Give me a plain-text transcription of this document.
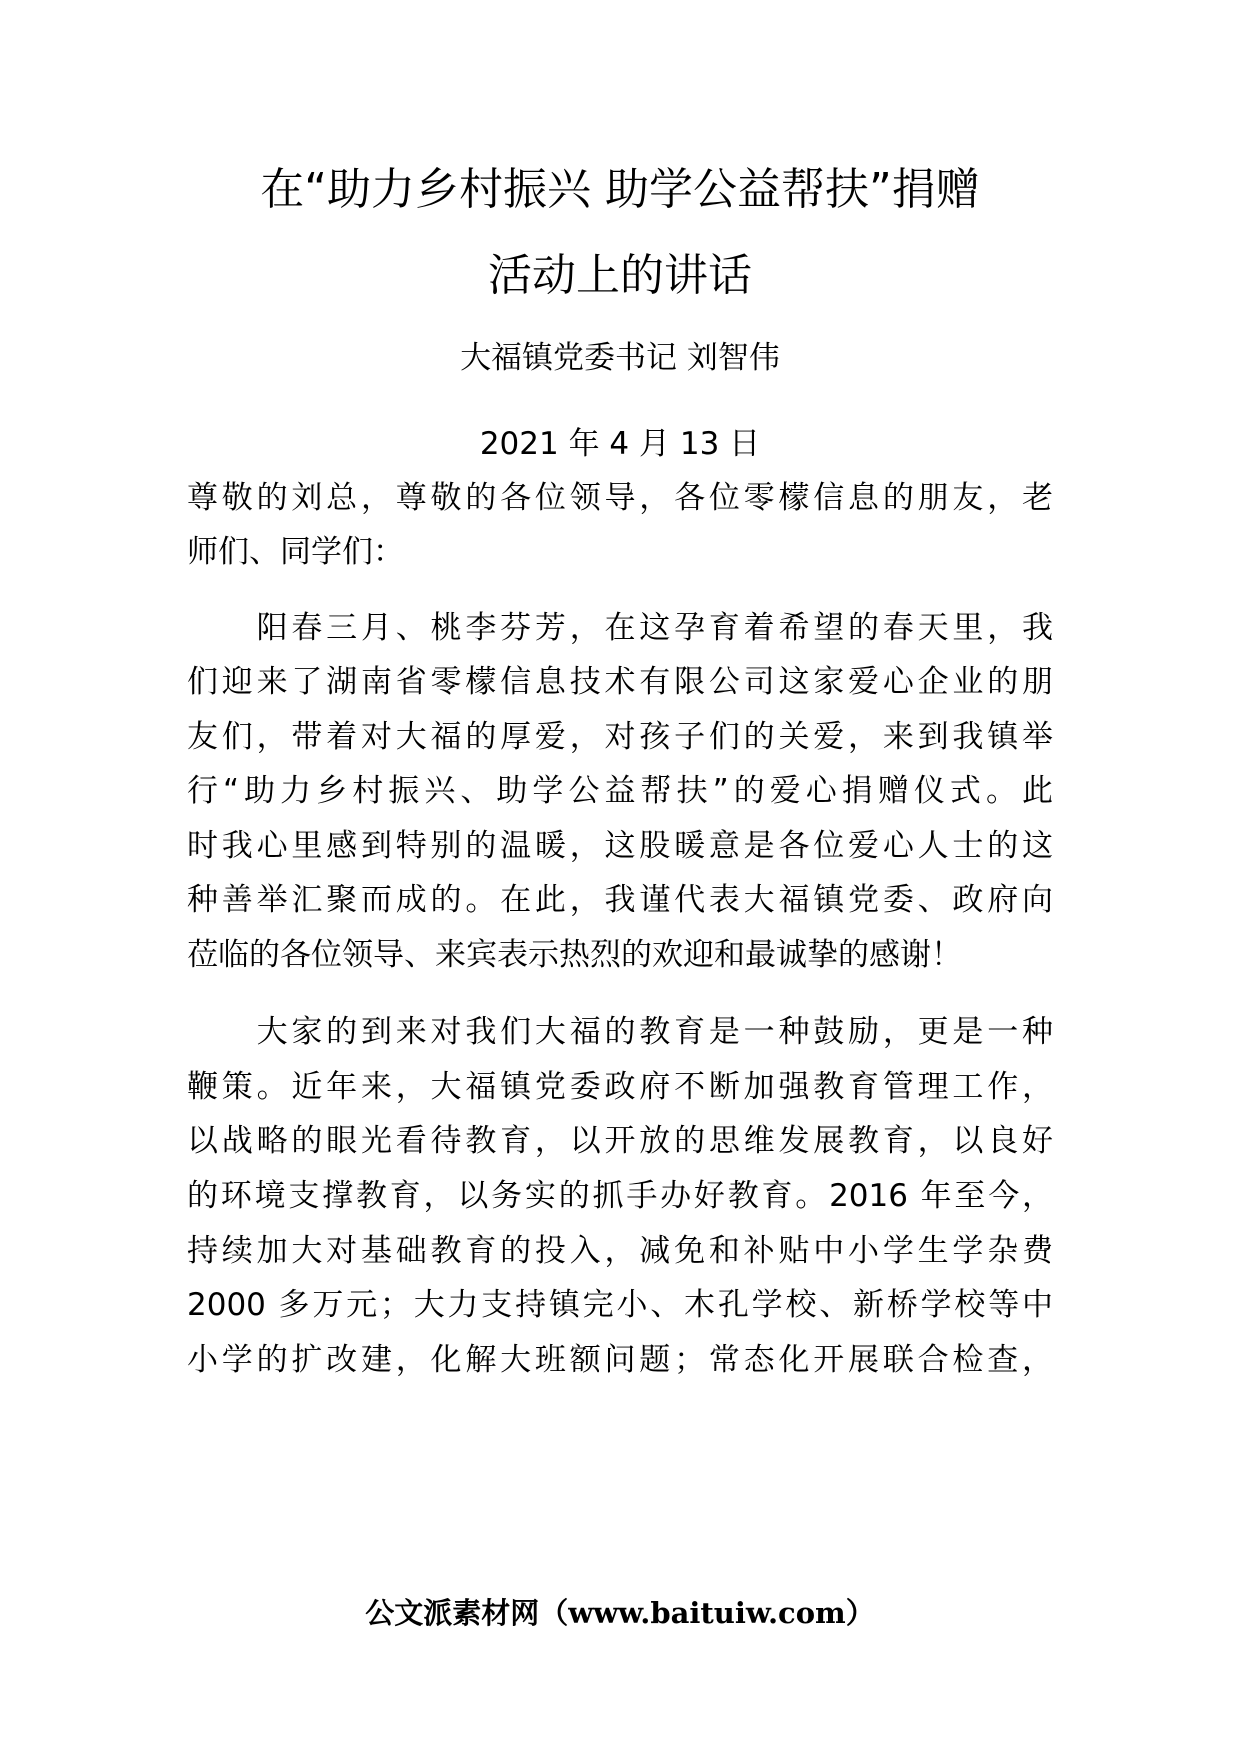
在“助力乡村振兴 助学公益帮扶”捐赠
活动上的讲话
大福镇党委书记 刘智伟
2021 年 4 月 13 日
尊敬的刘总，尊敬的各位领导，各位零檬信息的朋友，老
师们、同学们：
　　阳春三月、桃李芬芳，在这孕育着希望的春天里，我
们迎来了湖南省零檬信息技术有限公司这家爱心企业的朋
友们，带着对大福的厚爱，对孩子们的关爱，来到我镇举
行“助力乡村振兴、助学公益帮扶”的爱心捐赠仪式。此
时我心里感到特别的温暖，这股暖意是各位爱心人士的这
种善举汇聚而成的。在此，我谨代表大福镇党委、政府向
莅临的各位领导、来宾表示热烈的欢迎和最诚挚的感谢！
　　大家的到来对我们大福的教育是一种鼓励，更是一种
鞭策。近年来，大福镇党委政府不断加强教育管理工作，
以战略的眼光看待教育，以开放的思维发展教育，以良好
的环境支撑教育，以务实的抓手办好教育。2016 年至今，
持续加大对基础教育的投入，减免和补贴中小学生学杂费
2000 多万元；大力支持镇完小、木孔学校、新桥学校等中
小学的扩改建，化解大班额问题；常态化开展联合检查，
公文派素材网（www.baituiw.com）
